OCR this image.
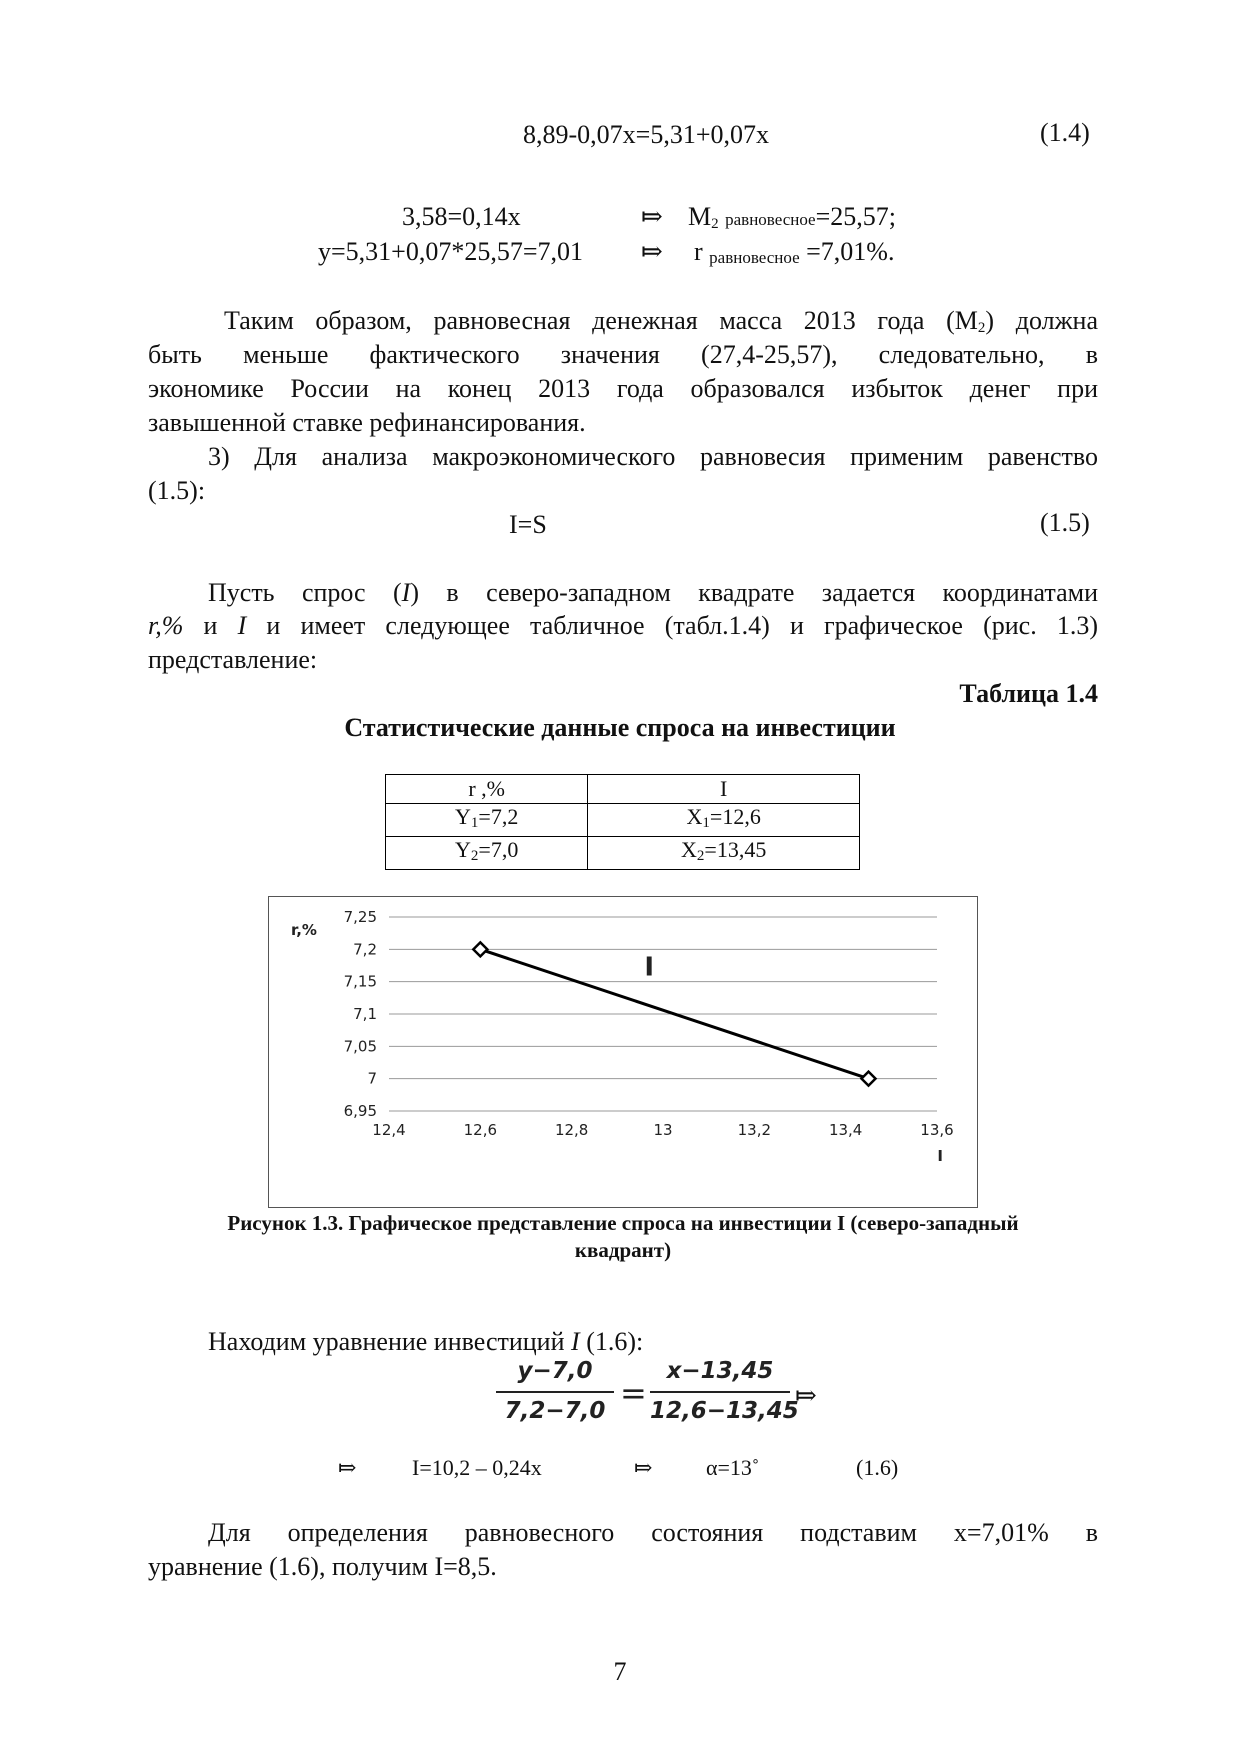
8,89-0,07x=5,31+0,07x	(1.4)
3,58=0,14x	⤇ $M_2$ равновесное=25,57;
y=5,31+0,07*25,57=7,01 ⤇ r $_{равновесное}$ =7,01%.
Таким образом, равновесная денежная масса 2013 года $(M_2)$ должна
быть меньше фактического значения (27,4-25,57), следовательно, в
экономике России на конец 2013 года образовался избыток денег при
завышенной ставке рефинансирования.
3) Для анализа макроэкономического равновесия применим равенство
(1.5):
I=S	(1.5)
Пусть спрос (I) в северо-западном квадрате задается координатами
r,% и I и имеет следующее табличное (табл.1.4) и графическое (рис. 1.3)
представление:
Таблица 1.4
Статистические данные спроса на инвестиции
r ,%	I
$Y_1=7,2$	$X_1=12,6$
$Y_2=7,0$	$X_2=13,45$
7,25
7,2
7,15
7,1
7,05
7
6,95
12,4	12,6	12,8	13	13,2	13,4	13,6
r,%
I
I
Рисунок 1.3. Графическое представление спроса на инвестиции I (северо-западный
квадрант)
Находим уравнение инвестиций I (1.6):
y−7,0
7,2−7,0 =
x−13,45
12,6−13,45
⤇
⤇	I=10,2 – 0,24x	⤇ α=13˚	(1.6)
Для определения равновесного состояния подставим x=7,01% в
уравнение (1.6), получим I=8,5.
7
